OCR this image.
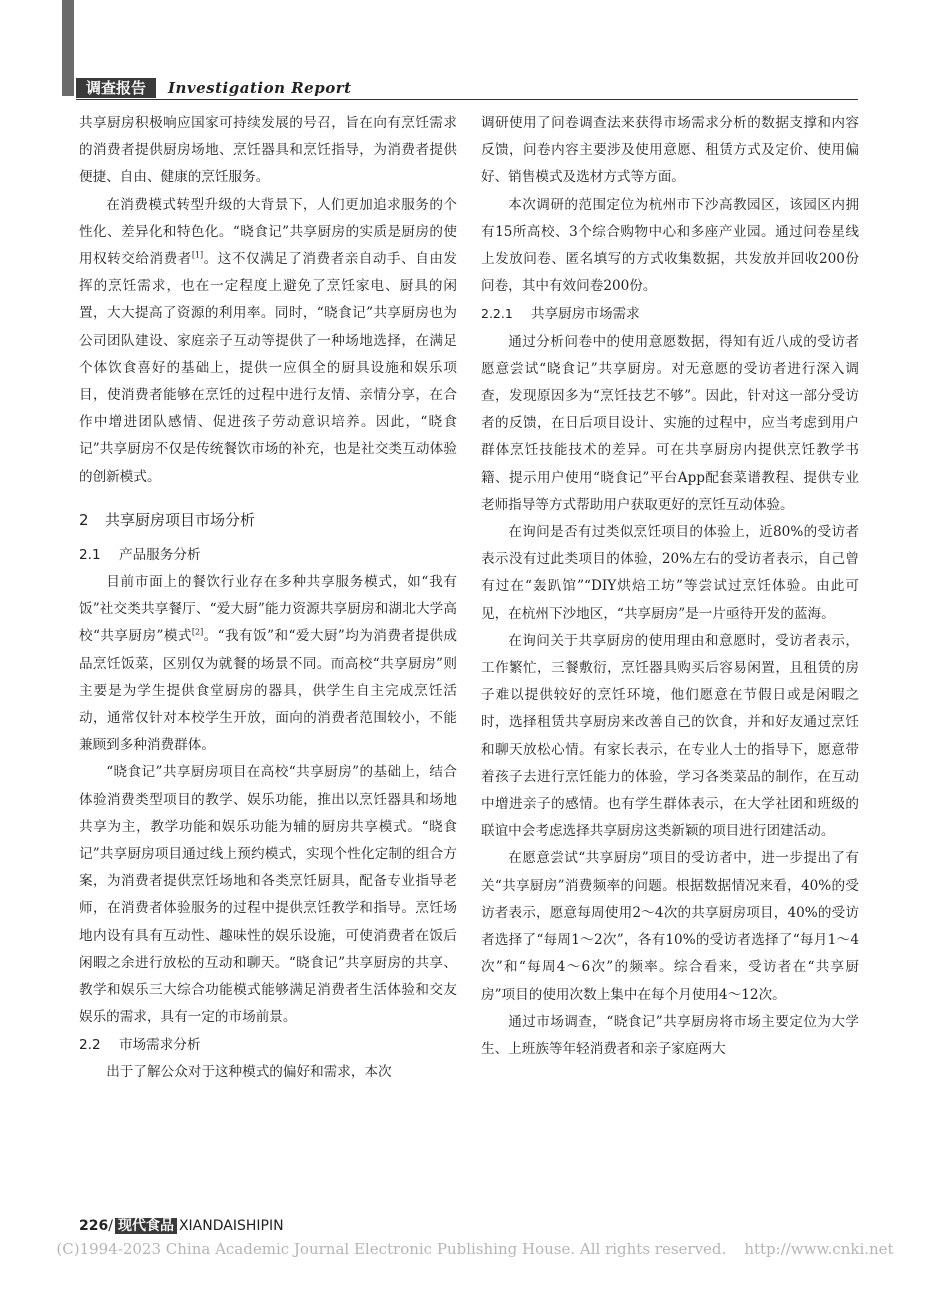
调查报告	Investigation Report

共享厨房积极响应国家可持续发展的号召，旨在向有烹饪需求的消费者提供厨房场地、烹饪器具和烹饪指导，为消费者提供便捷、自由、健康的烹饪服务。

在消费模式转型升级的大背景下，人们更加追求服务的个性化、差异化和特色化。“晓食记”共享厨房的实质是厨房的使用权转交给消费者[1]。这不仅满足了消费者亲自动手、自由发挥的烹饪需求，也在一定程度上避免了烹饪家电、厨具的闲置，大大提高了资源的利用率。同时，“晓食记”共享厨房也为公司团队建设、家庭亲子互动等提供了一种场地选择，在满足个体饮食喜好的基础上，提供一应俱全的厨具设施和娱乐项目，使消费者能够在烹饪的过程中进行友情、亲情分享，在合作中增进团队感情、促进孩子劳动意识培养。因此，“晓食记”共享厨房不仅是传统餐饮市场的补充，也是社交类互动体验的创新模式。

2 共享厨房项目市场分析
2.1 产品服务分析

目前市面上的餐饮行业存在多种共享服务模式，如“我有饭”社交类共享餐厅、“爱大厨”能力资源共享厨房和湖北大学高校“共享厨房”模式[2]。“我有饭”和“爱大厨”均为消费者提供成品烹饪饭菜，区别仅为就餐的场景不同。而高校“共享厨房”则主要是为学生提供食堂厨房的器具，供学生自主完成烹饪活动，通常仅针对本校学生开放，面向的消费者范围较小，不能兼顾到多种消费群体。

“晓食记”共享厨房项目在高校“共享厨房”的基础上，结合体验消费类型项目的教学、娱乐功能，推出以烹饪器具和场地共享为主，教学功能和娱乐功能为辅的厨房共享模式。“晓食记”共享厨房项目通过线上预约模式，实现个性化定制的组合方案，为消费者提供烹饪场地和各类烹饪厨具，配备专业指导老师，在消费者体验服务的过程中提供烹饪教学和指导。烹饪场地内设有具有互动性、趣味性的娱乐设施，可使消费者在饭后闲暇之余进行放松的互动和聊天。“晓食记”共享厨房的共享、教学和娱乐三大综合功能模式能够满足消费者生活体验和交友娱乐的需求，具有一定的市场前景。

2.2 市场需求分析

出于了解公众对于这种模式的偏好和需求，本次

调研使用了问卷调查法来获得市场需求分析的数据支撑和内容反馈，问卷内容主要涉及使用意愿、租赁方式及定价、使用偏好、销售模式及选材方式等方面。

本次调研的范围定位为杭州市下沙高教园区，该园区内拥有15所高校、3个综合购物中心和多座产业园。通过问卷星线上发放问卷、匿名填写的方式收集数据，共发放并回收200份问卷，其中有效问卷200份。

2.2.1 共享厨房市场需求

通过分析问卷中的使用意愿数据，得知有近八成的受访者愿意尝试“晓食记”共享厨房。对无意愿的受访者进行深入调查，发现原因多为“烹饪技艺不够”。因此，针对这一部分受访者的反馈，在日后项目设计、实施的过程中，应当考虑到用户群体烹饪技能技术的差异。可在共享厨房内提供烹饪教学书籍、提示用户使用“晓食记”平台App配套菜谱教程、提供专业老师指导等方式帮助用户获取更好的烹饪互动体验。

在询问是否有过类似烹饪项目的体验上，近80%的受访者表示没有过此类项目的体验，20%左右的受访者表示，自己曾有过在“轰趴馆”“DIY烘焙工坊”等尝试过烹饪体验。由此可见，在杭州下沙地区，“共享厨房”是一片亟待开发的蓝海。

在询问关于共享厨房的使用理由和意愿时，受访者表示，工作繁忙，三餐敷衍，烹饪器具购买后容易闲置，且租赁的房子难以提供较好的烹饪环境，他们愿意在节假日或是闲暇之时，选择租赁共享厨房来改善自己的饮食，并和好友通过烹饪和聊天放松心情。有家长表示，在专业人士的指导下，愿意带着孩子去进行烹饪能力的体验，学习各类菜品的制作，在互动中增进亲子的感情。也有学生群体表示，在大学社团和班级的联谊中会考虑选择共享厨房这类新颖的项目进行团建活动。

在愿意尝试“共享厨房”项目的受访者中，进一步提出了有关“共享厨房”消费频率的问题。根据数据情况来看，40%的受访者表示，愿意每周使用2～4次的共享厨房项目，40%的受访者选择了“每周1～2次”，各有10%的受访者选择了“每月1～4次”和“每周4～6次”的频率。综合看来，受访者在“共享厨房”项目的使用次数上集中在每个月使用4～12次。

通过市场调查，“晓食记”共享厨房将市场主要定位为大学生、上班族等年轻消费者和亲子家庭两大

226/ 现代食品 XIANDAISHIPIN
(C)1994-2023 China Academic Journal Electronic Publishing House. All rights reserved. http://www.cnki.net
